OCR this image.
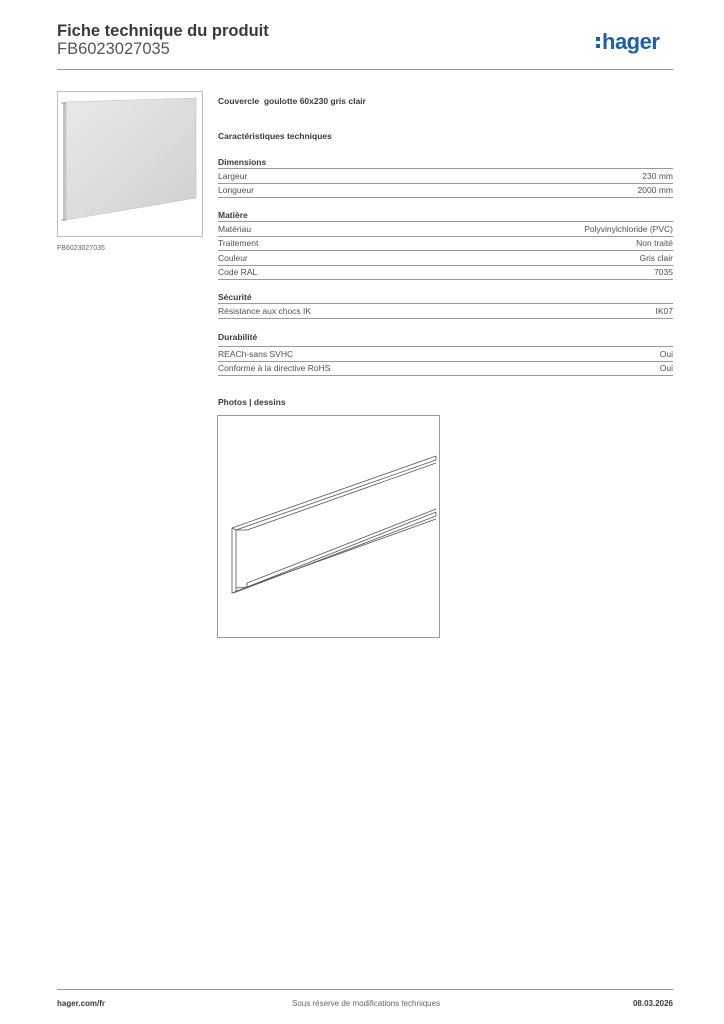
Fiche technique du produit
FB6023027035	hager
FB6023027035
Couvercle  goulotte 60x230 gris clair
Caractéristiques techniques
Dimensions
Largeur	230 mm
Longueur	2000 mm
Matière
Matériau	Polyvinylchloride (PVC)
Traitement	Non traité
Couleur	Gris clair
Code RAL	7035
Sécurité
Résistance aux chocs IK	IK07
Durabilité
REACh-sans SVHC	Oui
Conforme à la directive RoHS	Oui
Photos | dessins
hager.com/fr	Sous réserve de modifications techniques	08.03.2026
